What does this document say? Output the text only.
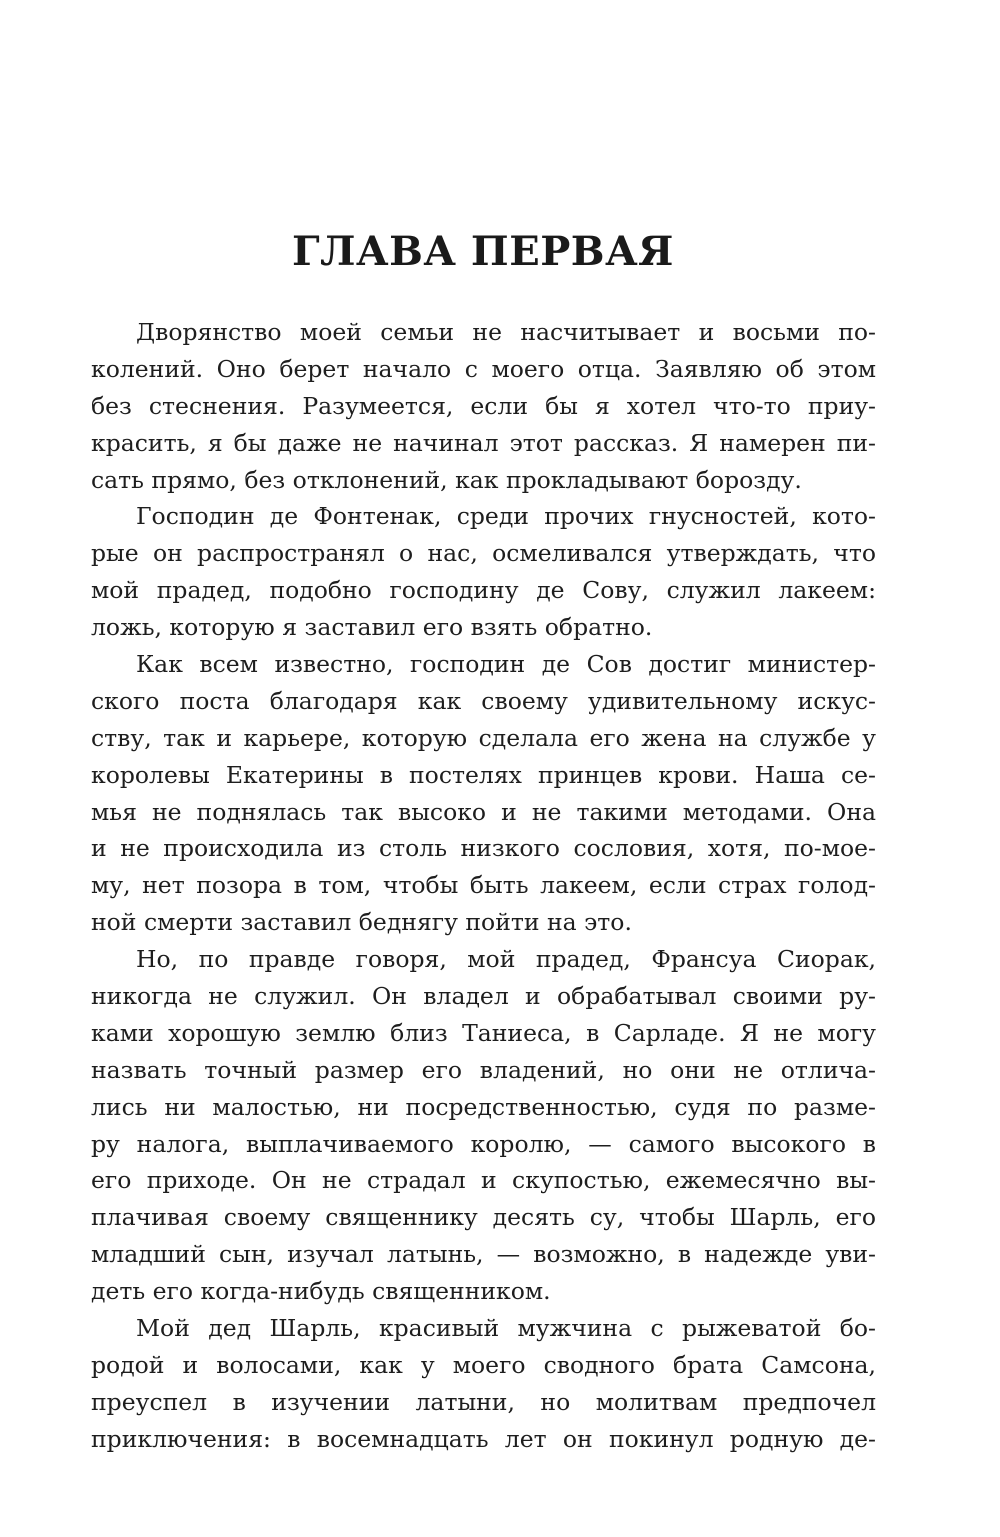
ГЛАВА ПЕРВАЯ
Дворянство моей семьи не насчитывает и восьми по-
колений. Оно берет начало с моего отца. Заявляю об этом
без стеснения. Разумеется, если бы я хотел что-то приу-
красить, я бы даже не начинал этот рассказ. Я намерен пи-
сать прямо, без отклонений, как прокладывают борозду.
Господин де Фонтенак, среди прочих гнусностей, кото-
рые он распространял о нас, осмеливался утверждать, что
мой прадед, подобно господину де Сову, служил лакеем:
ложь, которую я заставил его взять обратно.
Как всем известно, господин де Сов достиг министер-
ского поста благодаря как своему удивительному искус-
ству, так и карьере, которую сделала его жена на службе у
королевы Екатерины в постелях принцев крови. Наша се-
мья не поднялась так высоко и не такими методами. Она
и не происходила из столь низкого сословия, хотя, по-мое-
му, нет позора в том, чтобы быть лакеем, если страх голод-
ной смерти заставил беднягу пойти на это.
Но, по правде говоря, мой прадед, Франсуа Сиорак,
никогда не служил. Он владел и обрабатывал своими ру-
ками хорошую землю близ Таниеса, в Сарладе. Я не могу
назвать точный размер его владений, но они не отлича-
лись ни малостью, ни посредственностью, судя по разме-
ру налога, выплачиваемого королю, — самого высокого в
его приходе. Он не страдал и скупостью, ежемесячно вы-
плачивая своему священнику десять су, чтобы Шарль, его
младший сын, изучал латынь, — возможно, в надежде уви-
деть его когда-нибудь священником.
Мой дед Шарль, красивый мужчина с рыжеватой бо-
родой и волосами, как у моего сводного брата Самсона,
преуспел в изучении латыни, но молитвам предпочел
приключения: в восемнадцать лет он покинул родную де-
